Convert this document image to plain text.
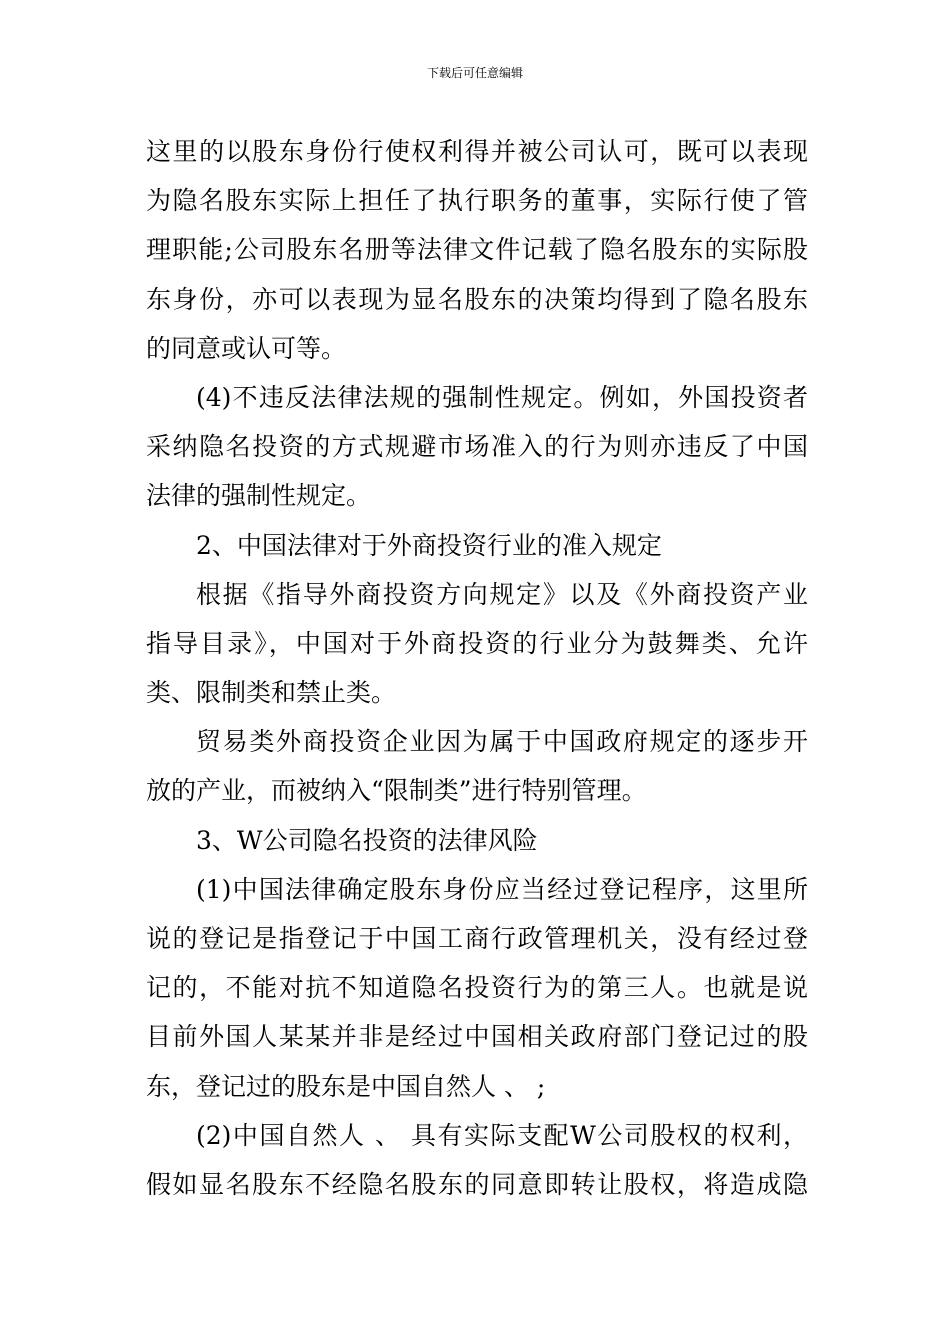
下载后可任意编辑
这里的以股东身份行使权利得并被公司认可，既可以表现
为隐名股东实际上担任了执行职务的董事，实际行使了管
理职能;公司股东名册等法律文件记载了隐名股东的实际股
东身份，亦可以表现为显名股东的决策均得到了隐名股东
的同意或认可等。
(4)不违反法律法规的强制性规定。例如，外国投资者
采纳隐名投资的方式规避市场准入的行为则亦违反了中国
法律的强制性规定。
2、中国法律对于外商投资行业的准入规定
根据《指导外商投资方向规定》以及《外商投资产业
指导目录》，中国对于外商投资的行业分为鼓舞类、允许
类、限制类和禁止类。
贸易类外商投资企业因为属于中国政府规定的逐步开
放的产业，而被纳入“限制类”进行特别管理。
3、W公司隐名投资的法律风险
(1)中国法律确定股东身份应当经过登记程序，这里所
说的登记是指登记于中国工商行政管理机关，没有经过登
记的，不能对抗不知道隐名投资行为的第三人。也就是说
目前外国人某某并非是经过中国相关政府部门登记过的股
东，登记过的股东是中国自然人 、 ;
(2)中国自然人 、 具有实际支配W公司股权的权利，
假如显名股东不经隐名股东的同意即转让股权，将造成隐
